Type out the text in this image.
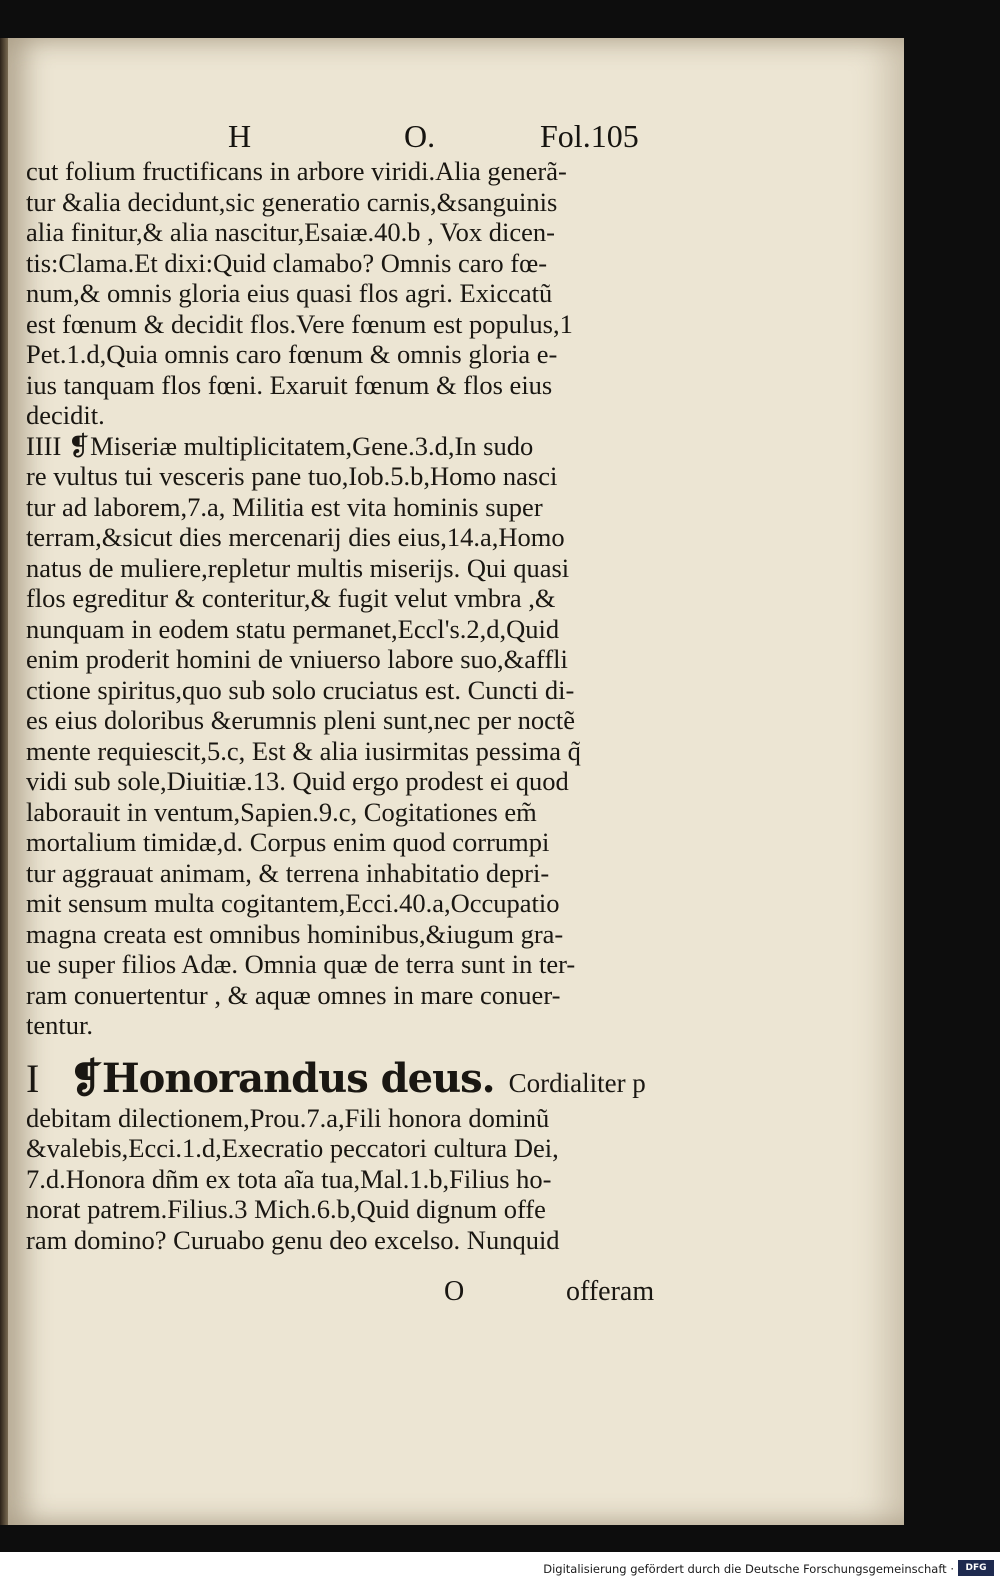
H	O.	Fol.105
cut folium fructificans in arbore viridi.Alia generã-
tur &alia decidunt,sic generatio carnis,&sanguinis
alia finitur,& alia nascitur,Esaiæ.40.b , Vox dicen-
tis:Clama.Et dixi:Quid clamabo? Omnis caro fœ-
num,& omnis gloria eius quasi flos agri. Exiccatũ
est fœnum & decidit flos.Vere fœnum est populus,1
Pet.1.d,Quia omnis caro fœnum & omnis gloria e-
ius tanquam flos fœni. Exaruit fœnum & flos eius
decidit.
IIII ❡Miseriæ multiplicitatem,Gene.3.d,In sudo
re vultus tui vesceris pane tuo,Iob.5.b,Homo nasci
tur ad laborem,7.a, Militia est vita hominis super
terram,&sicut dies mercenarij dies eius,14.a,Homo
natus de muliere,repletur multis miserijs. Qui quasi
flos egreditur & conteritur,& fugit velut vmbra ,&
nunquam in eodem statu permanet,Eccl's.2,d,Quid
enim proderit homini de vniuerso labore suo,&affli
ctione spiritus,quo sub solo cruciatus est. Cuncti di-
es eius doloribus &erumnis pleni sunt,nec per noctẽ
mente requiescit,5.c, Est & alia iusirmitas pessima q̃
vidi sub sole,Diuitiæ.13. Quid ergo prodest ei quod
laborauit in ventum,Sapien.9.c, Cogitationes em̃
mortalium timidæ,d. Corpus enim quod corrumpi
tur aggrauat animam, & terrena inhabitatio depri-
mit sensum multa cogitantem,Ecci.40.a,Occupatio
magna creata est omnibus hominibus,&iugum gra-
ue super filios Adæ. Omnia quæ de terra sunt in ter-
ram conuertentur , & aquæ omnes in mare conuer-
tentur.
I ❡Honorandus deus. Cordialiter p
debitam dilectionem,Prou.7.a,Fili honora dominũ
&valebis,Ecci.1.d,Execratio peccatori cultura Dei,
7.d.Honora dñm ex tota aĩa tua,Mal.1.b,Filius ho-
norat patrem.Filius.3 Mich.6.b,Quid dignum offe
ram domino? Curuabo genu deo excelso. Nunquid
O	offeram
Digitalisierung gefördert durch die Deutsche Forschungsgemeinschaft ·	DFG
